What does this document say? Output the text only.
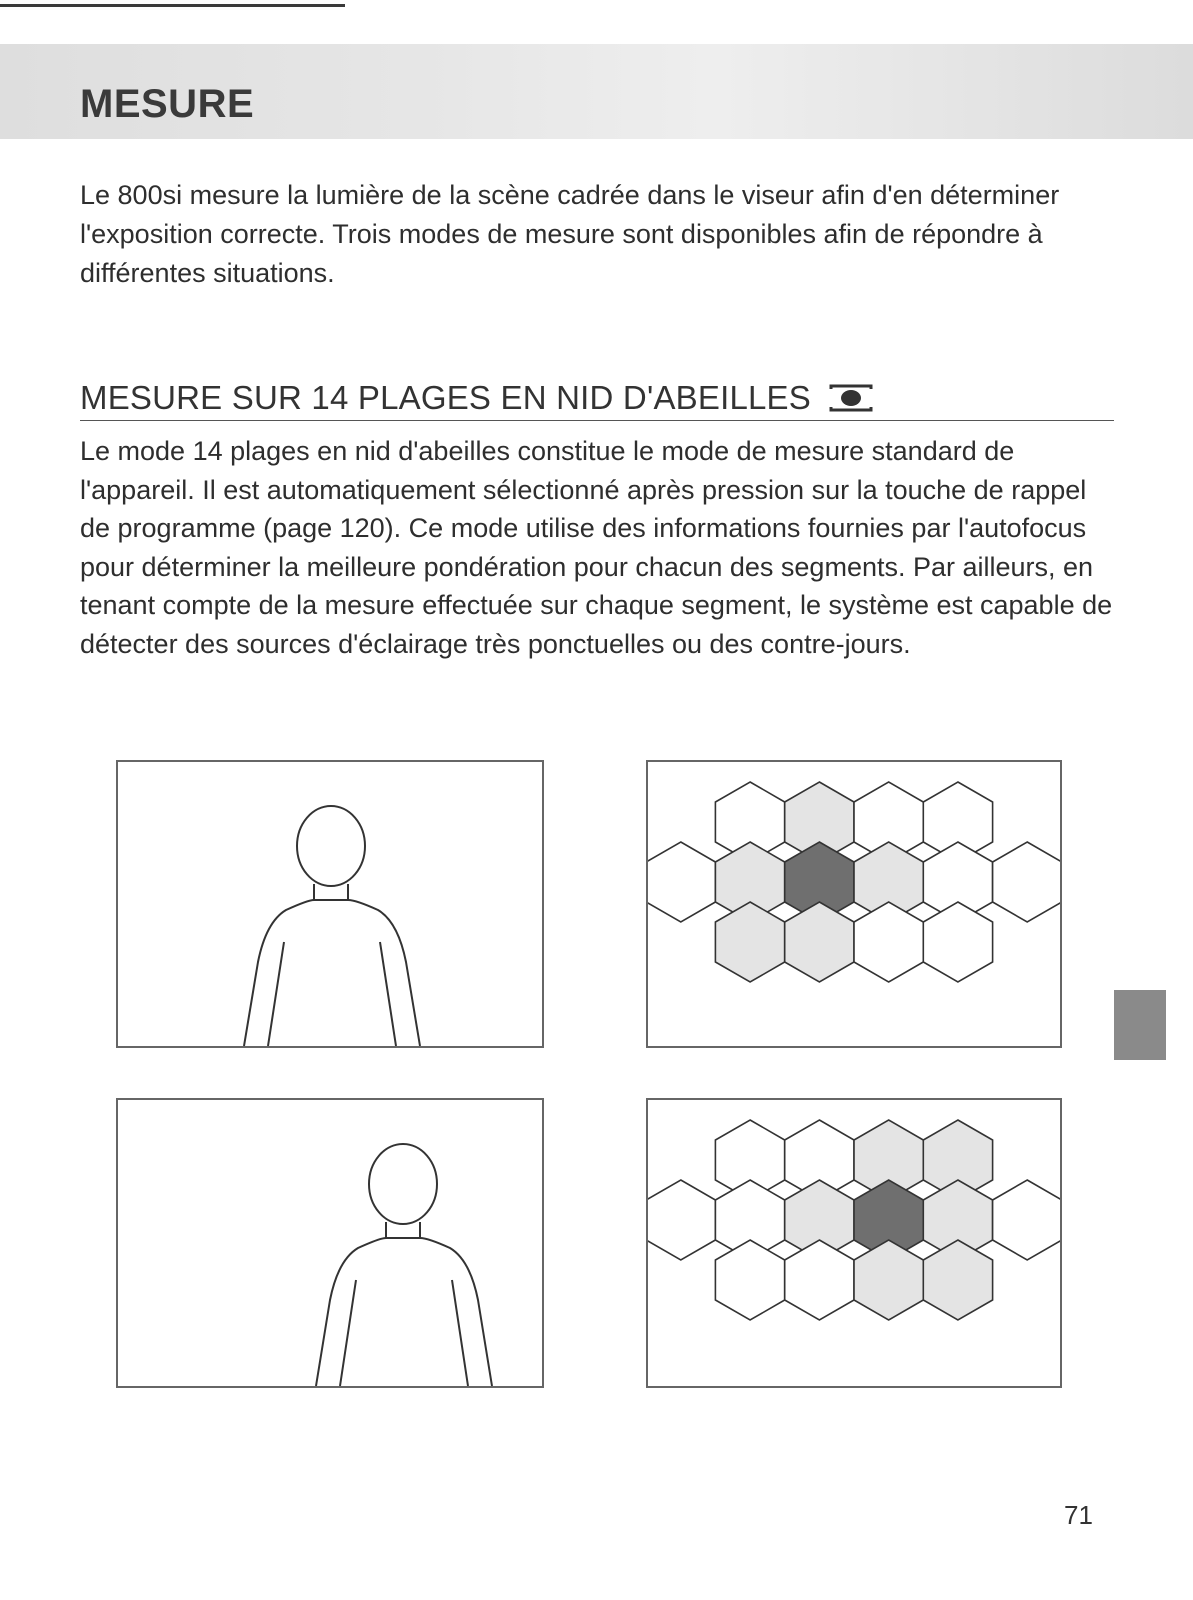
MESURE

Le 800si mesure la lumière de la scène cadrée dans le viseur afin d'en déterminer l'exposition correcte. Trois modes de mesure sont disponibles afin de répondre à différentes situations.

MESURE SUR 14 PLAGES EN NID D'ABEILLES

Le mode 14 plages en nid d'abeilles constitue le mode de mesure standard de l'appareil. Il est automatiquement sélectionné après pression sur la touche de rappel de programme (page 120). Ce mode utilise des informations fournies par l'autofocus pour déterminer la meilleure pondération pour chacun des segments. Par ailleurs, en tenant compte de la mesure effectuée sur chaque segment, le système est capable de détecter des sources d'éclairage très ponctuelles ou des contre-jours.

71
